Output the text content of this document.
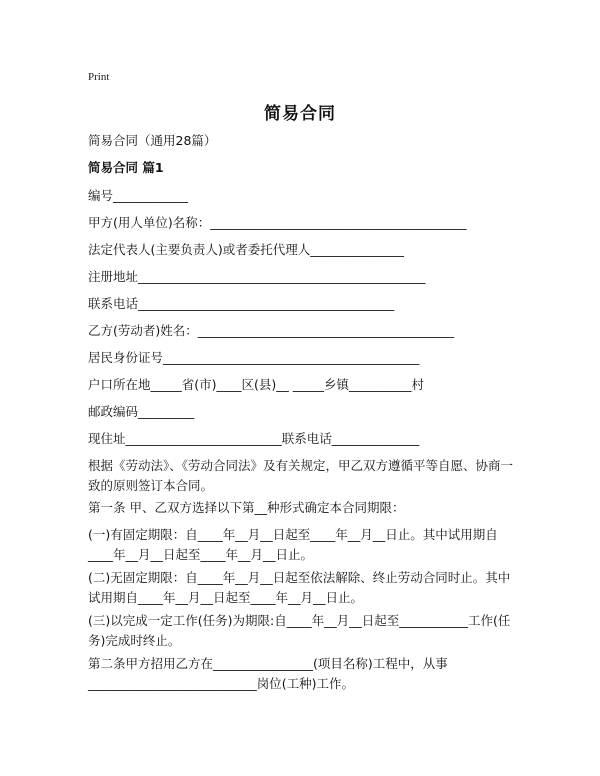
Print
简易合同
简易合同（通用28篇）
简易合同 篇1
编号____________
甲方(用人单位)名称：_________________________________________
法定代表人(主要负责人)或者委托代理人_______________
注册地址______________________________________________
联系电话_________________________________________
乙方(劳动者)姓名：_________________________________________
居民身份证号_________________________________________
户口所在地_____省(市)____区(县)__ _____乡镇__________村
邮政编码_________
现住址_________________________联系电话______________
根据《劳动法》、《劳动合同法》及有关规定，甲乙双方遵循平等自愿、协商一致的原则签订本合同。
第一条 甲、乙双方选择以下第__种形式确定本合同期限：
(一)有固定期限：自____年__月__日起至____年__月__日止。其中试用期自____年__月__日起至____年__月__日止。
(二)无固定期限：自____年__月__日起至依法解除、终止劳动合同时止。其中试用期自____年__月__日起至____年__月__日止。
(三)以完成一定工作(任务)为期限:自____年__月__日起至___________工作(任务)完成时终止。
第二条甲方招用乙方在________________(项目名称)工程中，从事___________________________岗位(工种)工作。
